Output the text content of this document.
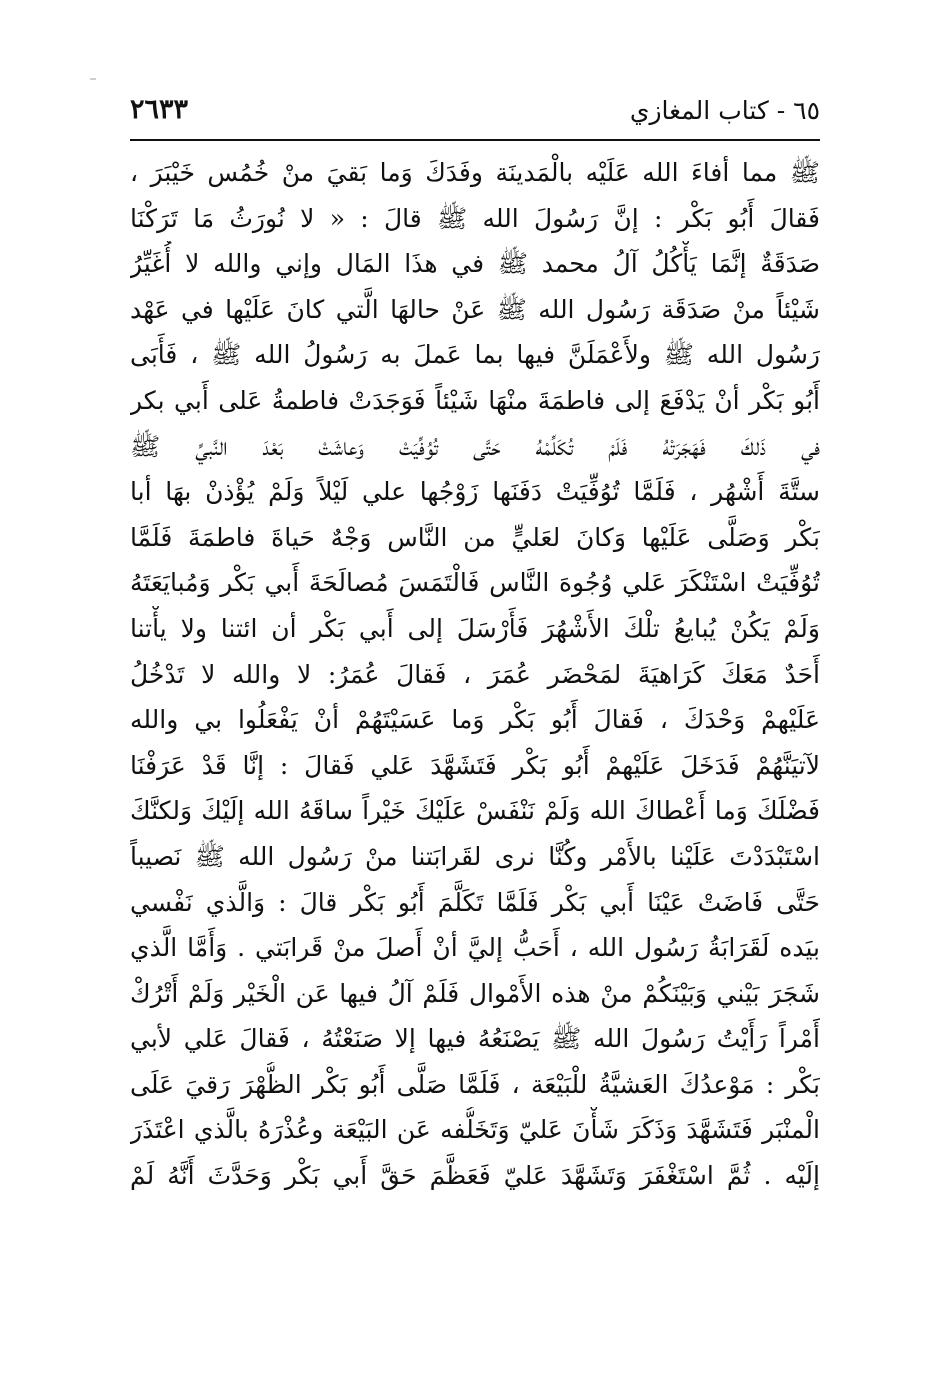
٦٥ - كتاب المغازي
٢٦٣٣
ﷺ مما أفاءَ الله عَلَيْه بالْمَدينَة وفَدَكَ وَما بَقيَ منْ خُمُس خَيْبَرَ ،
فَقالَ أَبُو بَكْر : إنَّ رَسُولَ الله ﷺ قالَ : « لا نُورَثُ مَا تَرَكْنَا
صَدَقَةٌ إنَّمَا يَأْكُلُ آلُ محمد ﷺ في هذَا المَال وإني والله لا أُغَيِّرُ
شَيْئاً منْ صَدَقَة رَسُول الله ﷺ عَنْ حالهَا الَّتي كانَ عَلَيْها في عَهْد
رَسُول الله ﷺ ولأَعْمَلَنَّ فيها بما عَملَ به رَسُولُ الله ﷺ ، فَأَبَى
أَبُو بَكْر أنْ يَدْفَعَ إلى فاطمَةَ منْهَا شَيْئاً فَوَجَدَتْ فاطمةُ عَلى أَبي بكر
في ذَلكَ فَهَجَرَتْهُ فَلَمْ تُكَلِّمْهُ حَتَّى تُوُفِّيَتْ وَعاشَتْ بَعْدَ النَّبيِّ ﷺ
ستَّةَ أَشْهُر ، فَلَمَّا تُوُفِّيَتْ دَفَنَها زَوْجُها علي لَيْلاً وَلَمْ يُؤْذنْ بهَا أبا
بَكْر وَصَلَّى عَلَيْها وَكانَ لعَليٍّ من النَّاس وَجْهٌ حَياةَ فاطمَةَ فَلَمَّا
تُوُفِّيَتْ اسْتَنْكَرَ عَلي وُجُوهَ النَّاس فَالْتَمَسَ مُصالَحَةَ أَبي بَكْر وَمُبايَعَتَهُ
وَلَمْ يَكُنْ يُبايعُ تلْكَ الأَشْهُرَ فَأَرْسَلَ إلى أَبي بَكْر أن ائتنا ولا يأْتنا
أَحَدٌ مَعَكَ كَرَاهيَةَ لمَحْضَر عُمَرَ ، فَقالَ عُمَرُ: لا والله لا تَدْخُلُ
عَلَيْهمْ وَحْدَكَ ، فَقالَ أَبُو بَكْر وَما عَسَيْتَهُمْ أنْ يَفْعَلُوا بي والله
لآتيَنَّهُمْ فَدَخَلَ عَلَيْهمْ أَبُو بَكْر فَتَشَهَّدَ عَلي فَقالَ : إنَّا قَدْ عَرَفْنَا
فَضْلَكَ وَما أَعْطاكَ الله وَلَمْ نَنْفَسْ عَلَيْكَ خَيْراً ساقَهُ الله إلَيْكَ وَلكنَّكَ
اسْتَبْدَدْتَ عَلَيْنا بالأَمْر وكُنَّا نرى لقَرابَتنا منْ رَسُول الله ﷺ نَصيباً
حَتَّى فَاضَتْ عَيْنَا أَبي بَكْر فَلَمَّا تَكَلَّمَ أَبُو بَكْر قالَ : وَالَّذي نَفْسي
بيَده لَقَرَابَةُ رَسُول الله ، أَحَبُّ إليَّ أنْ أَصلَ منْ قَرابَتي . وَأَمَّا الَّذي
شَجَرَ بَيْني وَبَيْنَكُمْ منْ هذه الأَمْوال فَلَمْ آلُ فيها عَن الْخَيْر وَلَمْ أَتْرُكْ
أَمْراً رَأَيْتُ رَسُولَ الله ﷺ يَصْنَعُهُ فيها إلا صَنَعْتُهُ ، فَقالَ عَلي لأبي
بَكْر : مَوْعدُكَ العَشيَّةُ للْبَيْعَة ، فَلَمَّا صَلَّى أَبُو بَكْر الظُّهْرَ رَقيَ عَلَى
الْمنْبَر فَتَشَهَّدَ وَذَكَرَ شَأْنَ عَليّ وَتَخَلُّفه عَن البَيْعَة وعُذْرَهُ بالَّذي اعْتَذَرَ
إلَيْه . ثُمَّ اسْتَغْفَرَ وَتَشَهَّدَ عَليّ فَعَظَّمَ حَقَّ أَبي بَكْر وَحَدَّثَ أَنَّهُ لَمْ
